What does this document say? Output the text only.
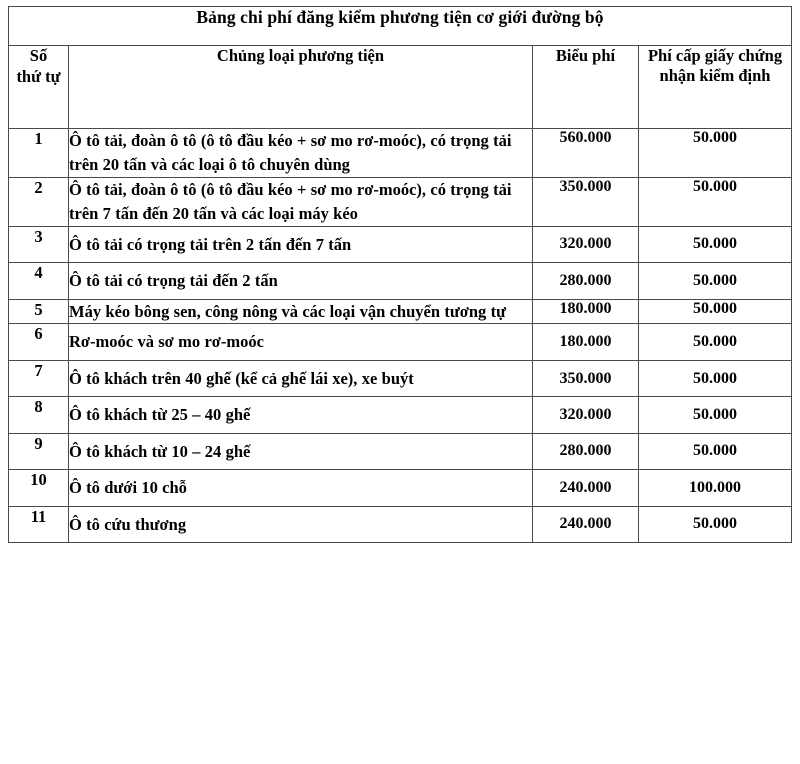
Bảng chi phí đăng kiểm phương tiện cơ giới đường bộ			
Số
thứ tự	Chủng loại phương tiện	Biểu phí	Phí cấp giấy chứng nhận kiểm định
1	Ô tô tải, đoàn ô tô (ô tô đầu kéo + sơ mo rơ-moóc), có trọng tải trên 20 tấn và các loại ô tô chuyên dùng	560.000	50.000
2	Ô tô tải, đoàn ô tô (ô tô đầu kéo + sơ mo rơ-moóc), có trọng tải trên 7 tấn đến 20 tấn và các loại máy kéo	350.000	50.000
3	Ô tô tải có trọng tải trên 2 tấn đến 7 tấn	320.000	50.000
4	Ô tô tải có trọng tải đến 2 tấn	280.000	50.000
5	Máy kéo bông sen, công nông và các loại vận chuyển tương tự	180.000	50.000
6	Rơ-moóc và sơ mo rơ-moóc	180.000	50.000
7	Ô tô khách trên 40 ghế (kể cả ghế lái xe), xe buýt	350.000	50.000
8	Ô tô khách từ 25 – 40 ghế	320.000	50.000
9	Ô tô khách từ 10 – 24 ghế	280.000	50.000
10	Ô tô dưới 10 chỗ	240.000	100.000
11	Ô tô cứu thương	240.000	50.000
